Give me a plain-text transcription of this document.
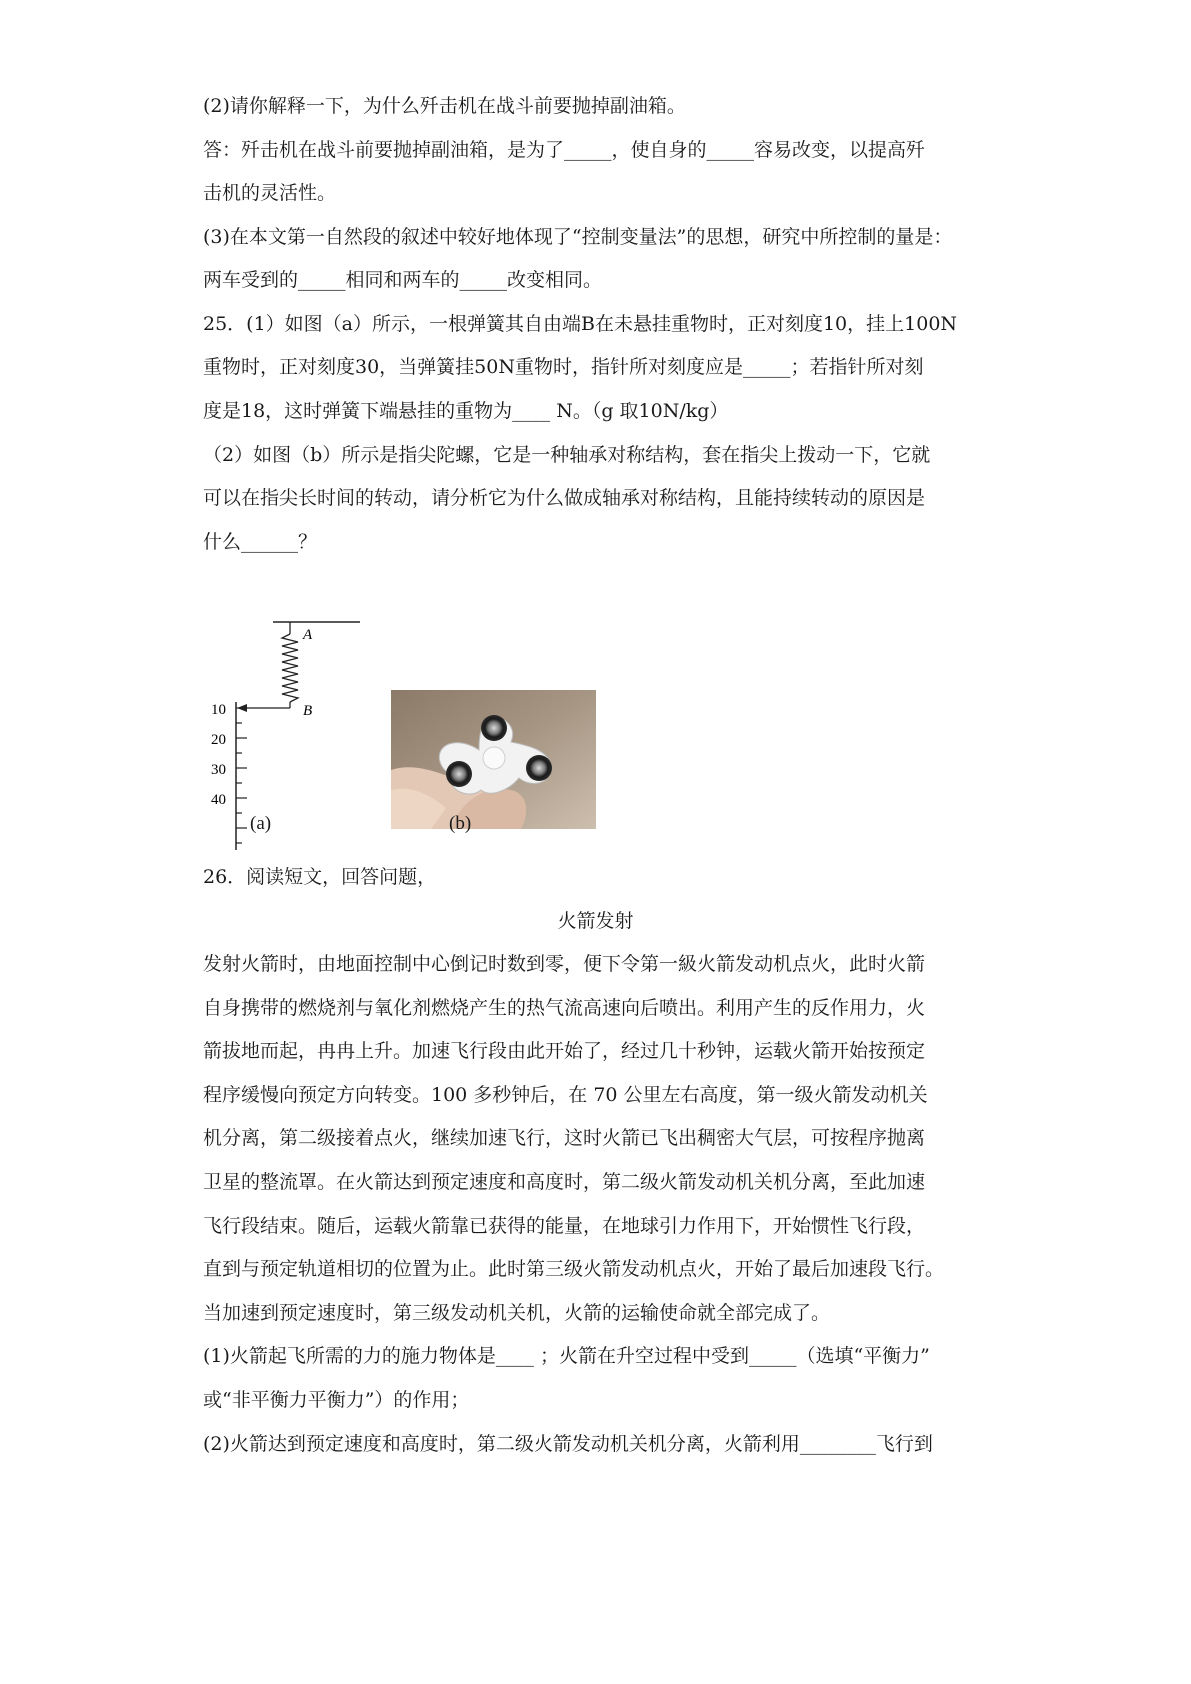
(2)请你解释一下，为什么歼击机在战斗前要抛掉副油箱。
答：歼击机在战斗前要抛掉副油箱，是为了_____，使自身的_____容易改变，以提高歼
击机的灵活性。
(3)在本文第一自然段的叙述中较好地体现了“控制变量法”的思想，研究中所控制的量是：
两车受到的_____相同和两车的_____改变相同。
25．(1）如图（a）所示，一根弹簧其自由端B在未悬挂重物时，正对刻度10，挂上100N
重物时，正对刻度30，当弹簧挂50N重物时，指针所对刻度应是_____；若指针所对刻
度是18，这时弹簧下端悬挂的重物为____ N。（g 取10N/kg）
（2）如图（b）所示是指尖陀螺，它是一种轴承对称结构，套在指尖上拨动一下，它就
可以在指尖长时间的转动，请分析它为什么做成轴承对称结构，且能持续转动的原因是
什么______？
A
B
10
20
30
40
(a)	(b)
26．阅读短文，回答问题，
火箭发射
发射火箭时，由地面控制中心倒记时数到零，便下令第一級火箭发动机点火，此时火箭
自身携带的燃烧剂与氧化剂燃烧产生的热气流高速向后喷出。利用产生的反作用力，火
箭拔地而起，冉冉上升。加速飞行段由此开始了，经过几十秒钟，运载火箭开始按预定
程序缓慢向预定方向转变。100 多秒钟后，在 70 公里左右高度，第一级火箭发动机关
机分离，第二级接着点火，继续加速飞行，这时火箭已飞出稠密大气层，可按程序抛离
卫星的整流罩。在火箭达到预定速度和高度时，第二级火箭发动机关机分离，至此加速
飞行段结束。随后，运载火箭靠已获得的能量，在地球引力作用下，开始惯性飞行段，
直到与预定轨道相切的位置为止。此时第三级火箭发动机点火，开始了最后加速段飞行。
当加速到预定速度时，第三级发动机关机，火箭的运输使命就全部完成了。
(1)火箭起飞所需的力的施力物体是____ ；火箭在升空过程中受到_____（选填“平衡力”
或“非平衡力平衡力”）的作用；
(2)火箭达到预定速度和高度时，第二级火箭发动机关机分离，火箭利用________飞行到
